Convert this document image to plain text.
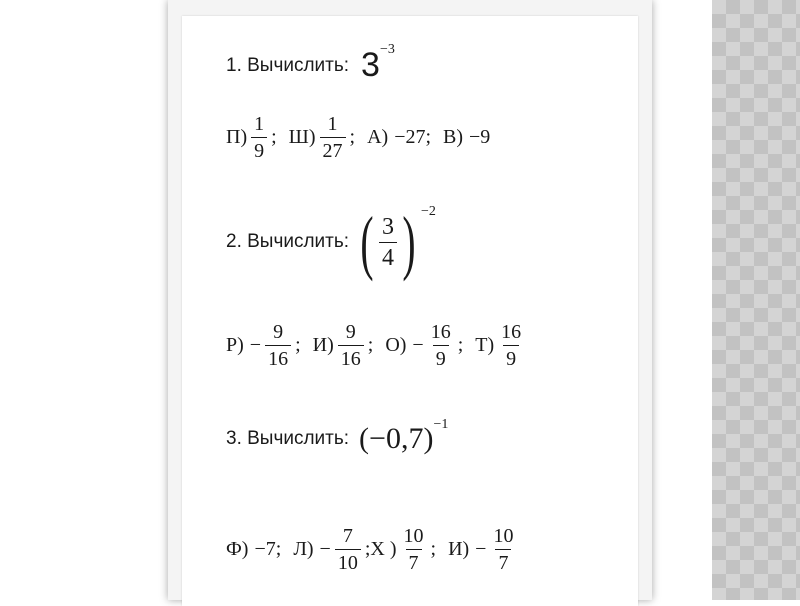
1. Вычислить: 3 −3
$П) \frac{1}{9}$ ; $Ш) \frac{1}{27}$ ; А) −27 ; В) −9
2. Вычислить: ( $\frac{3}{4}$ ) −2
$Р) - \frac{9}{16}$ ; $И) \frac{9}{16}$ ; $О) - \frac{16}{9}$ ; $Т) \frac{16}{9}$
3. Вычислить: (−0,7) −1
Ф) −7 ; $Л) - \frac{7}{10}$ ; Х ) $\frac{10}{7}$ ; $И) - \frac{10}{7}$
